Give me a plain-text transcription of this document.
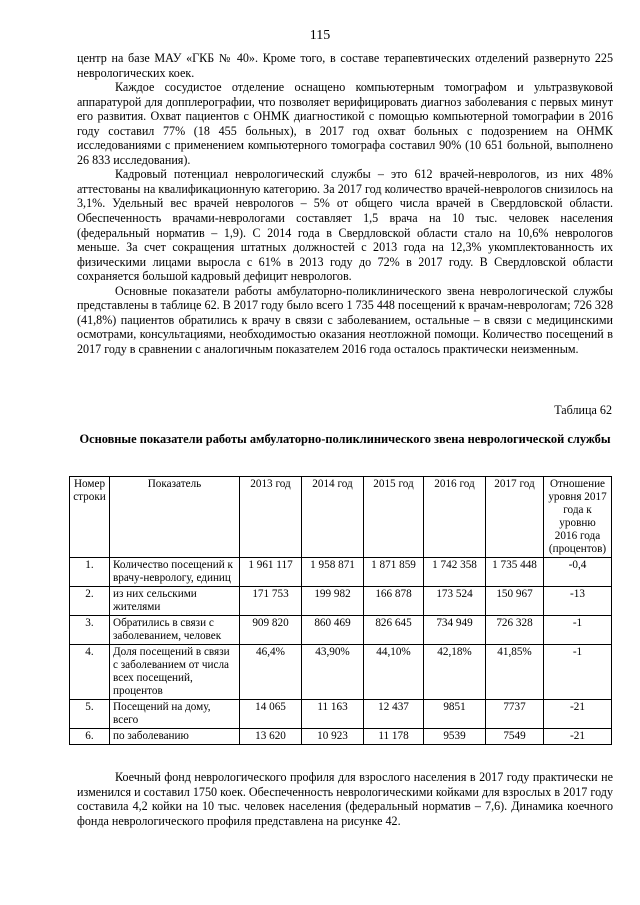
115

центр на базе МАУ «ГКБ № 40». Кроме того, в составе терапевтических отделений развернуто 225 неврологических коек.

Каждое сосудистое отделение оснащено компьютерным томографом и ультразвуковой аппаратурой для допплерографии, что позволяет верифицировать диагноз заболевания с первых минут его развития. Охват пациентов с ОНМК диагностикой с помощью компьютерной томографии в 2016 году составил 77% (18 455 больных), в 2017 год охват больных с подозрением на ОНМК исследованиями с применением компьютерного томографа составил 90% (10 651 больной, выполнено 26 833 исследования).

Кадровый потенциал неврологический службы – это 612 врачей-неврологов, из них 48% аттестованы на квалификационную категорию. За 2017 год количество врачей-неврологов снизилось на 3,1%. Удельный вес врачей неврологов – 5% от общего числа врачей в Свердловской области. Обеспеченность врачами-неврологами составляет 1,5 врача на 10 тыс. человек населения (федеральный норматив – 1,9). С 2014 года в Свердловской области стало на 10,6% неврологов меньше. За счет сокращения штатных должностей с 2013 года на 12,3% укомплектованность их физическими лицами выросла с 61% в 2013 году до 72% в 2017 году. В Свердловской области сохраняется большой кадровый дефицит неврологов.

Основные показатели работы амбулаторно-поликлинического звена неврологической службы представлены в таблице 62. В 2017 году было всего 1 735 448 посещений к врачам-неврологам; 726 328 (41,8%) пациентов обратились к врачу в связи с заболеванием, остальные – в связи с медицинскими осмотрами, консультациями, необходимостью оказания неотложной помощи. Количество посещений в 2017 году в сравнении с аналогичным показателем 2016 года осталось практически неизменным.

Таблица 62
Основные показатели работы амбулаторно-поликлинического звена неврологической службы
Номер строки	Показатель	2013 год	2014 год	2015 год	2016 год	2017 год	Отношение уровня 2017 года к уровню 2016 года (процентов)
1.	Количество посещений к врачу-неврологу, единиц	1 961 117	1 958 871	1 871 859	1 742 358	1 735 448	-0,4
2.	из них сельскими жителями	171 753	199 982	166 878	173 524	150 967	-13
3.	Обратились в связи с заболеванием, человек	909 820	860 469	826 645	734 949	726 328	-1
4.	Доля посещений в связи с заболеванием от числа всех посещений, процентов	46,4%	43,90%	44,10%	42,18%	41,85%	-1
5.	Посещений на дому, всего	14 065	11 163	12 437	9851	7737	-21
6.	по заболеванию	13 620	10 923	11 178	9539	7549	-21

Коечный фонд неврологического профиля для взрослого населения в 2017 году практически не изменился и составил 1750 коек. Обеспеченность неврологическими койками для взрослых в 2017 году составила 4,2 койки на 10 тыс. человек населения (федеральный норматив – 7,6). Динамика коечного фонда неврологического профиля представлена на рисунке 42.
